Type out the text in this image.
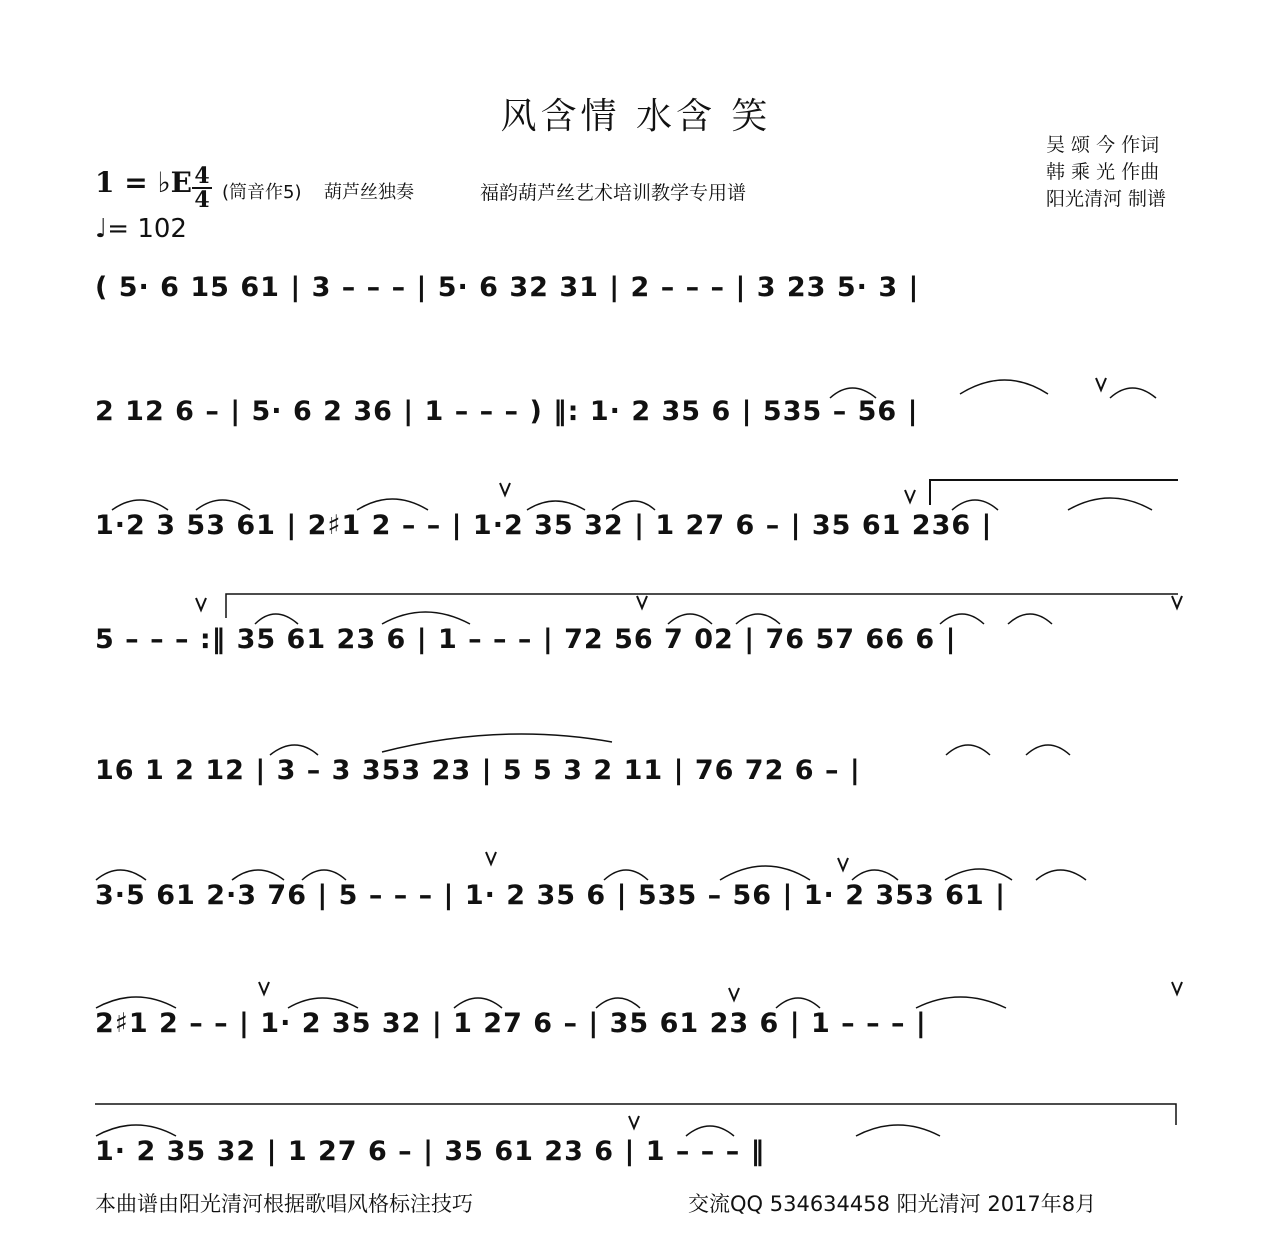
风含情 水含 笑
吴 颂 今 作词
韩 乘 光 作曲
阳光清河 制谱
1 = ♭E 4
4 (筒音作5) 葫芦丝独奏	福韵葫芦丝艺术培训教学专用谱
♩= 102
( 5· 6 15 61 | 3 – – – | 5· 6 32 31 | 2 – – – | 3 23 5· 3 |
2 12 6 – | 5· 6 2 36 | 1 – – – ) ‖: 1· 2 35 6 | 535 – 56 |
1·2 3 53 61 | 2♯1 2 – – | 1·2 35 32 | 1 27 6 – | 35 61 236 |
5 – – – :‖ 35 61 23 6 | 1 – – – | 72 56 7 02 | 76 57 66 6 |
16 1 2 12 | 3 – 3 353 23 | 5 5 3 2 11 | 76 72 6 – |
3·5 61 2·3 76 | 5 – – – | 1· 2 35 6 | 535 – 56 | 1· 2 353 61 |
2♯1 2 – – | 1· 2 35 32 | 1 27 6 – | 35 61 23 6 | 1 – – – |
1· 2 35 32 | 1 27 6 – | 35 61 23 6 | 1 – – – ‖
本曲谱由阳光清河根据歌唱风格标注技巧	交流QQ 534634458 阳光清河 2017年8月
